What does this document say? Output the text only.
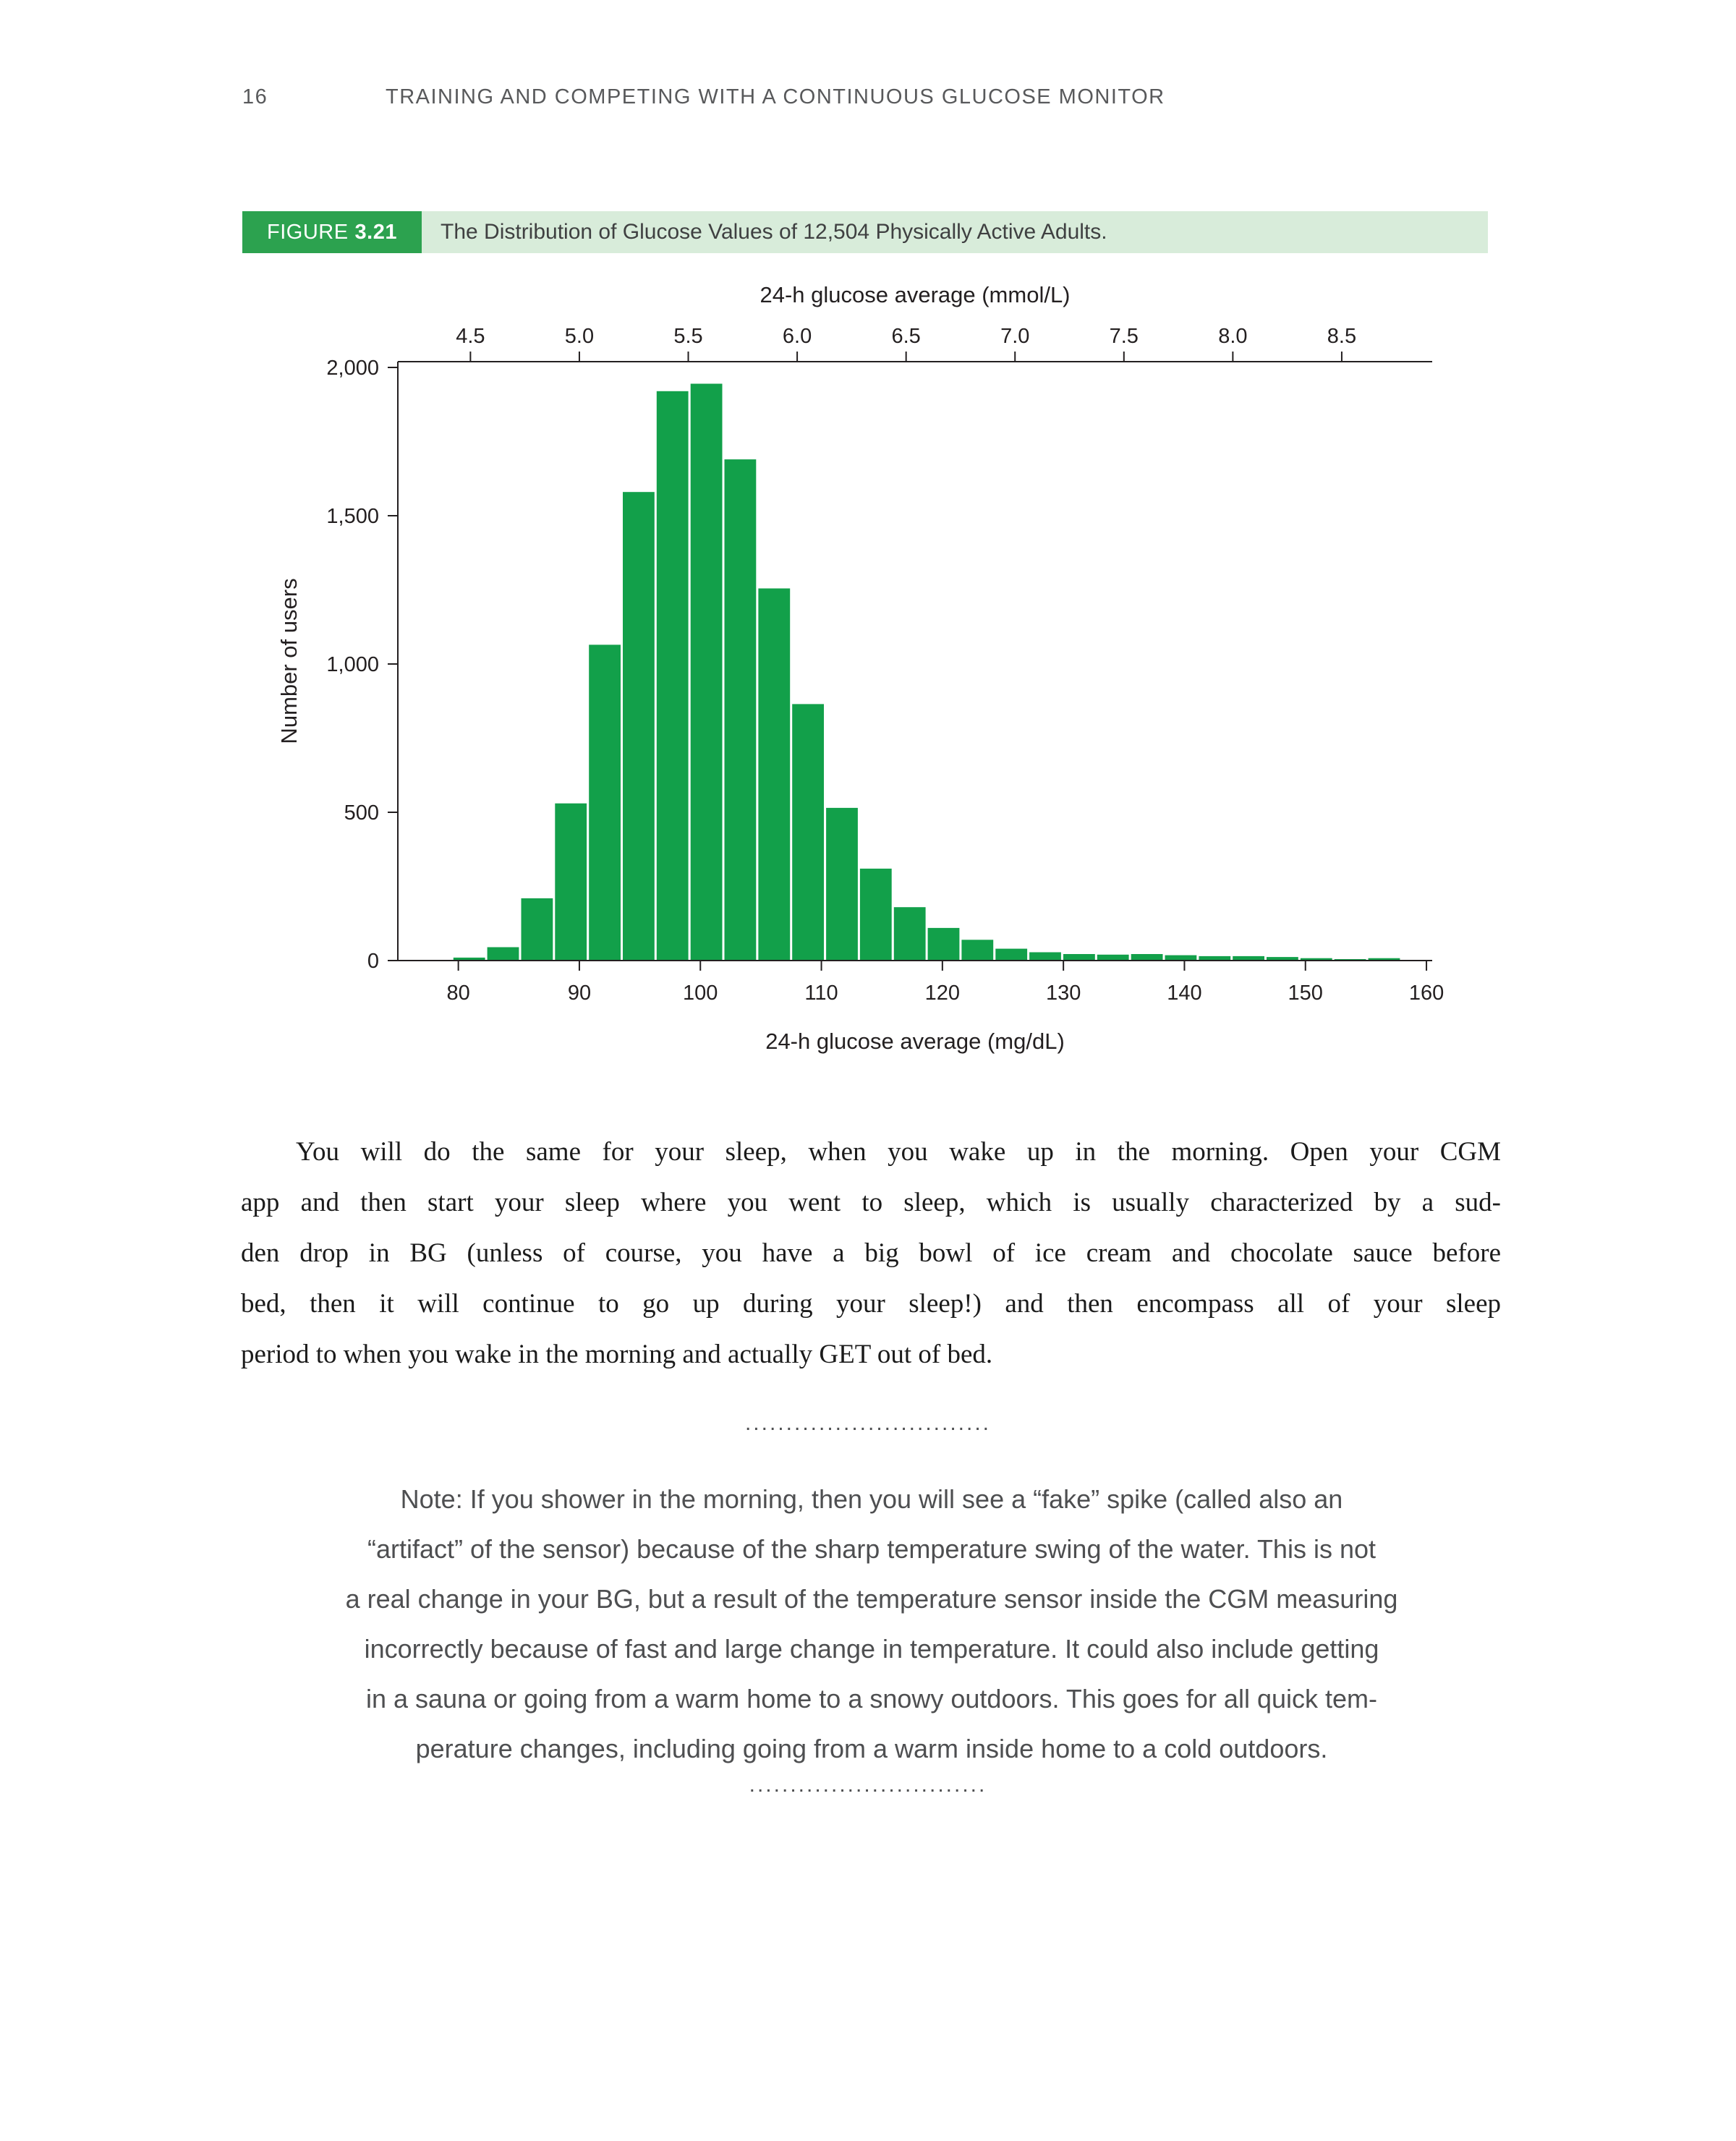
16	TRAINING AND COMPETING WITH A CONTINUOUS GLUCOSE MONITOR
FIGURE 3.21	The Distribution of Glucose Values of 12,504 Physically Active Adults.
80	90	100	110	120	130	140	150	160
4.5	5.0	5.5	6.0	6.5	7.0	7.5	8.0	8.5
0
500
1,000
1,500
2,000
24-h glucose average (mmol/L)
24-h glucose average (mg/dL)
Number of users
You will do the same for your sleep, when you wake up in the morning. Open your CGM
app and then start your sleep where you went to sleep, which is usually characterized by a sud-
den drop in BG (unless of course, you have a big bowl of ice cream and chocolate sauce before
bed, then it will continue to go up during your sleep!) and then encompass all of your sleep
period to when you wake in the morning and actually GET out of bed.
..............................
Note: If you shower in the morning, then you will see a “fake” spike (called also an
“artifact” of the sensor) because of the sharp temperature swing of the water. This is not
a real change in your BG, but a result of the temperature sensor inside the CGM measuring
incorrectly because of fast and large change in temperature. It could also include getting
in a sauna or going from a warm home to a snowy outdoors. This goes for all quick tem-
perature changes, including going from a warm inside home to a cold outdoors.
.............................
